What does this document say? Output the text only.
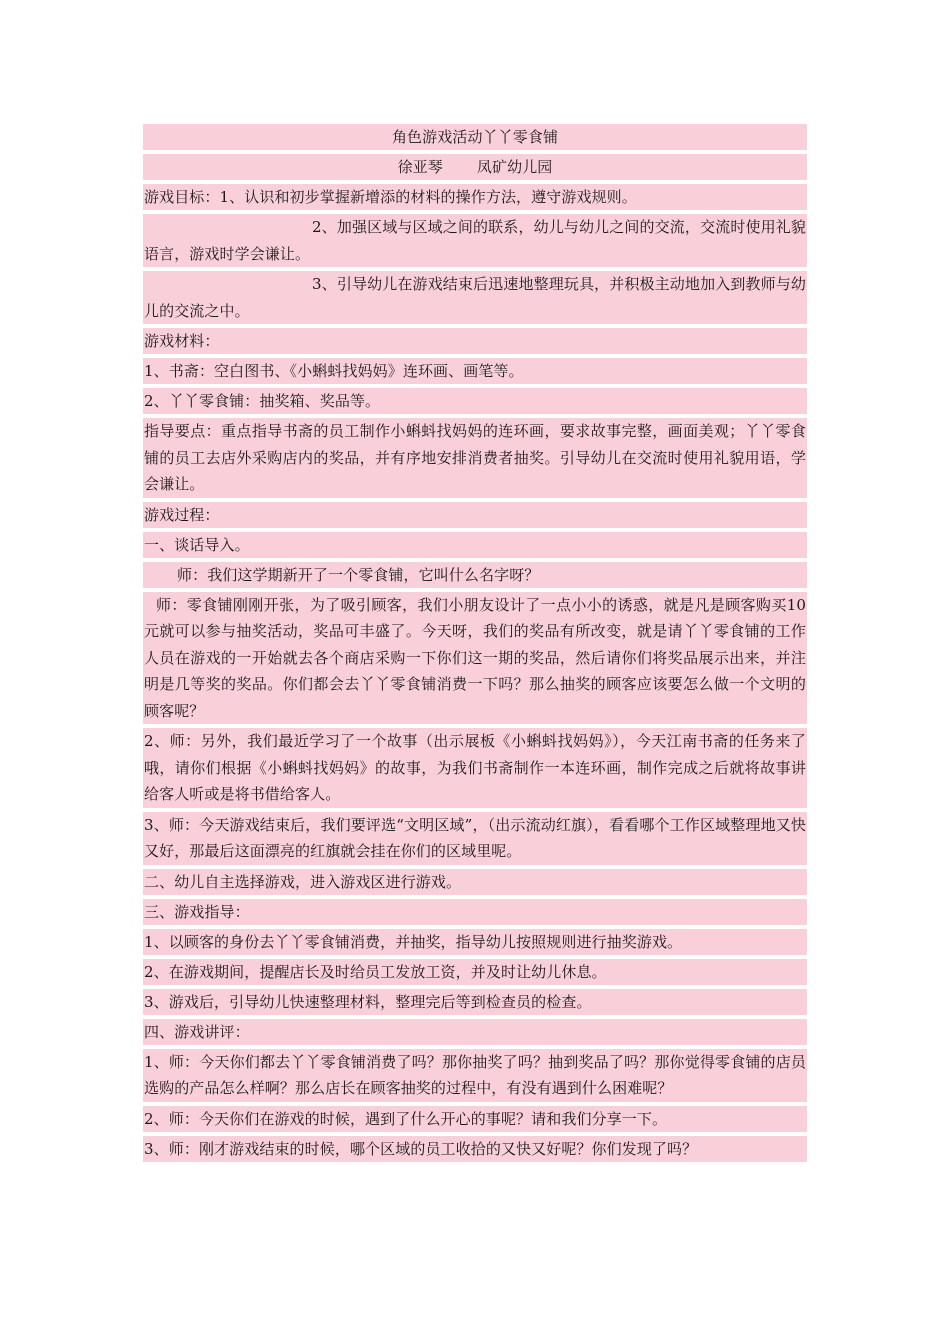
角色游戏活动丫丫零食铺
徐亚琴 凤矿幼儿园
游戏目标：1、认识和初步掌握新增添的材料的操作方法，遵守游戏规则。
2、加强区域与区域之间的联系，幼儿与幼儿之间的交流，交流时使用礼貌语言，游戏时学会谦让。
3、引导幼儿在游戏结束后迅速地整理玩具，并积极主动地加入到教师与幼儿的交流之中。
游戏材料：
1、书斋：空白图书、《小蝌蚪找妈妈》连环画、画笔等。
2、丫丫零食铺：抽奖箱、奖品等。
指导要点：重点指导书斋的员工制作小蝌蚪找妈妈的连环画，要求故事完整，画面美观；丫丫零食铺的员工去店外采购店内的奖品，并有序地安排消费者抽奖。引导幼儿在交流时使用礼貌用语，学会谦让。
游戏过程：
一、谈话导入。
师：我们这学期新开了一个零食铺，它叫什么名字呀？
师：零食铺刚刚开张，为了吸引顾客，我们小朋友设计了一点小小的诱惑，就是凡是顾客购买10元就可以参与抽奖活动，奖品可丰盛了。今天呀，我们的奖品有所改变，就是请丫丫零食铺的工作人员在游戏的一开始就去各个商店采购一下你们这一期的奖品，然后请你们将奖品展示出来，并注明是几等奖的奖品。你们都会去丫丫零食铺消费一下吗？那么抽奖的顾客应该要怎么做一个文明的顾客呢？
2、师：另外，我们最近学习了一个故事（出示展板《小蝌蚪找妈妈》），今天江南书斋的任务来了哦，请你们根据《小蝌蚪找妈妈》的故事，为我们书斋制作一本连环画，制作完成之后就将故事讲给客人听或是将书借给客人。
3、师：今天游戏结束后，我们要评选“文明区域”，（出示流动红旗），看看哪个工作区域整理地又快又好，那最后这面漂亮的红旗就会挂在你们的区域里呢。
二、幼儿自主选择游戏，进入游戏区进行游戏。
三、游戏指导：
1、以顾客的身份去丫丫零食铺消费，并抽奖，指导幼儿按照规则进行抽奖游戏。
2、在游戏期间，提醒店长及时给员工发放工资，并及时让幼儿休息。
3、游戏后，引导幼儿快速整理材料，整理完后等到检查员的检查。
四、游戏讲评：
1、师：今天你们都去丫丫零食铺消费了吗？那你抽奖了吗？抽到奖品了吗？那你觉得零食铺的店员选购的产品怎么样啊？那么店长在顾客抽奖的过程中，有没有遇到什么困难呢？
2、师：今天你们在游戏的时候，遇到了什么开心的事呢？请和我们分享一下。
3、师：刚才游戏结束的时候，哪个区域的员工收拾的又快又好呢？你们发现了吗？
